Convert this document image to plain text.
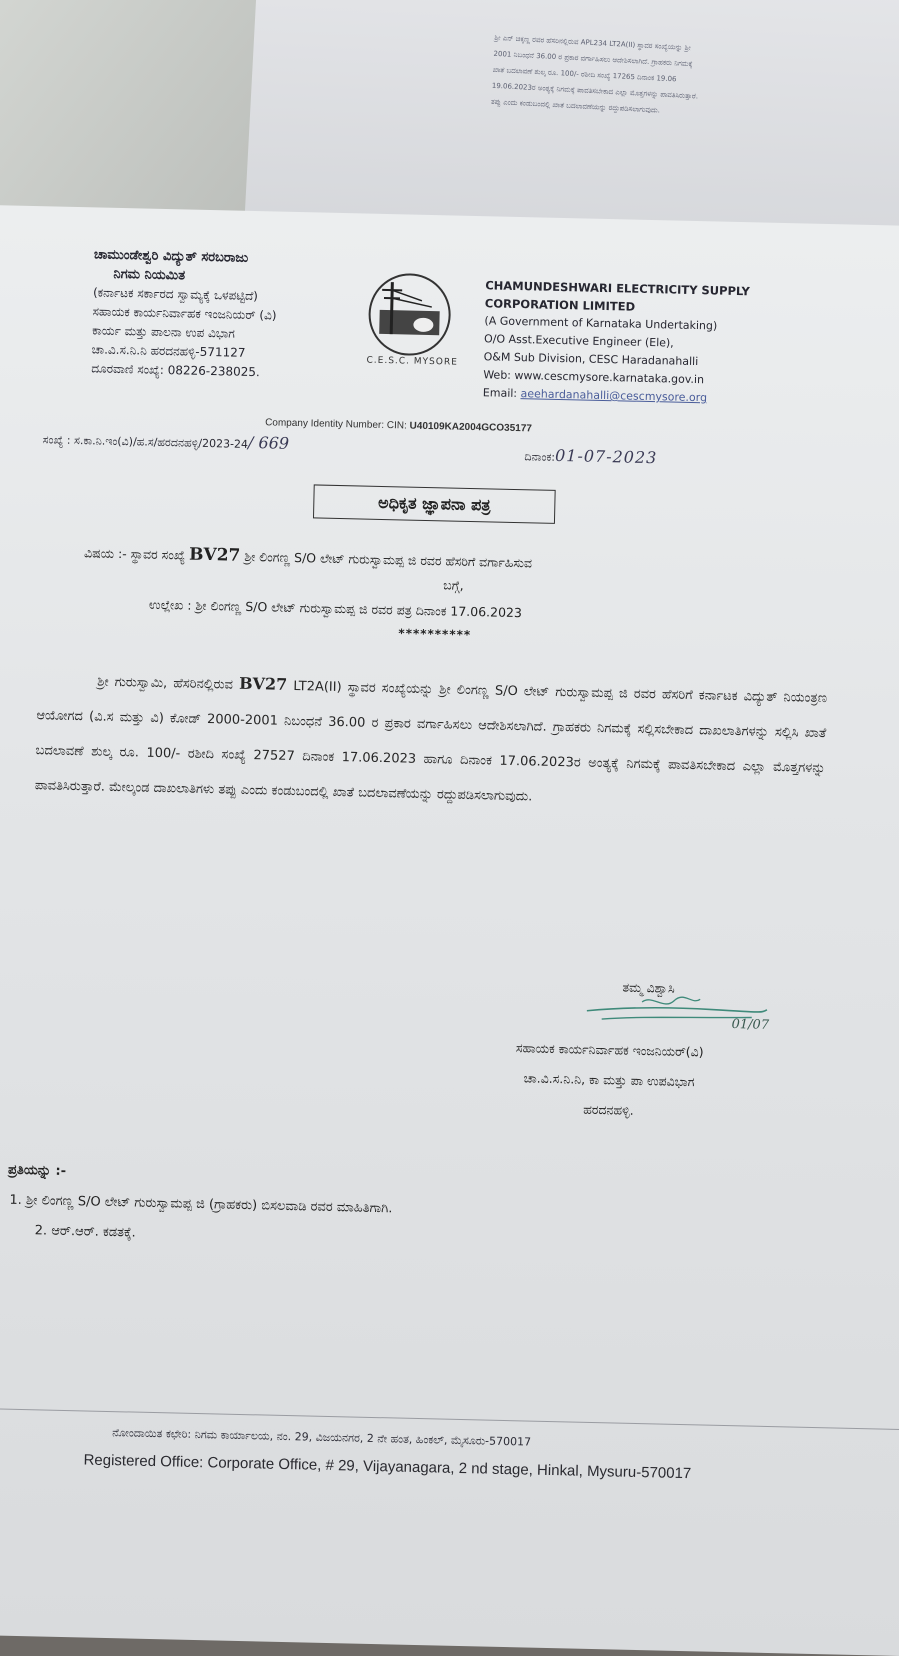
ಶ್ರೀ ಎನ್ ಚಿಕ್ಕಣ್ಣ ರವರ ಹೆಸರಿನಲ್ಲಿರುವ APL234 LT2A(II) ಸ್ಥಾವರ ಸಂಖ್ಯೆಯನ್ನು ಶ್ರೀ
2001 ನಿಬಂಧನೆ 36.00 ರ ಪ್ರಕಾರ ವರ್ಗಾಹಿಸಲು ಆದೇಶಿಸಲಾಗಿದೆ. ಗ್ರಾಹಕರು ನಿಗಮಕ್ಕೆ
ಖಾತೆ ಬದಲಾವಣೆ ಶುಲ್ಕ ರೂ. 100/- ರಶೀದಿ ಸಂಖ್ಯೆ 17265 ದಿನಾಂಕ 19.06
19.06.2023ರ ಅಂತ್ಯಕ್ಕೆ ನಿಗಮಕ್ಕೆ ಪಾವತಿಸಬೇಕಾದ ಎಲ್ಲಾ ಮೊತ್ತಗಳನ್ನು ಪಾವತಿಸಿರುತ್ತಾರೆ.
ತಪ್ಪು ಎಂದು ಕಂಡುಬಂದಲ್ಲಿ ಖಾತೆ ಬದಲಾವಣೆಯನ್ನು ರದ್ದುಪಡಿಸಲಾಗುವುದು.
ಚಾಮುಂಡೇಶ್ವರಿ ವಿದ್ಯುತ್ ಸರಬರಾಜು
ನಿಗಮ ನಿಯಮಿತ
(ಕರ್ನಾಟಕ ಸರ್ಕಾರದ ಸ್ವಾಮ್ಯಕ್ಕೆ ಒಳಪಟ್ಟಿದೆ)
ಸಹಾಯಕ ಕಾರ್ಯನಿರ್ವಾಹಕ ಇಂಜನಿಯರ್ (ವಿ)
ಕಾರ್ಯ ಮತ್ತು ಪಾಲನಾ ಉಪ ವಿಭಾಗ
ಚಾ.ವಿ.ಸ.ನಿ.ನಿ ಹರದನಹಳ್ಳಿ-571127
ದೂರವಾಣಿ ಸಂಖ್ಯೆ: 08226-238025.	C.E.S.C. MYSORE
CHAMUNDESHWARI ELECTRICITY SUPPLY
CORPORATION LIMITED
(A Government of Karnataka Undertaking)
O/O Asst.Executive Engineer (Ele),
O&M Sub Division, CESC Haradanahalli
Web: www.cescmysore.karnataka.gov.in
Email: aeehardanahalli@cescmysore.org
Company Identity Number: CIN: U40109KA2004GCO35177
ಸಂಖ್ಯೆ : ಸ.ಕಾ.ನಿ.ಇಂ(ವಿ)/ಹ.ಸ/ಹರದನಹಳ್ಳಿ/2023-24/ 669
ದಿನಾಂಕ:01-07-2023
ಅಧಿಕೃತ ಜ್ಞಾಪನಾ ಪತ್ರ
ವಿಷಯ :- ಸ್ಥಾವರ ಸಂಖ್ಯೆ BV27 ಶ್ರೀ ಲಿಂಗಣ್ಣ S/O ಲೇಟ್ ಗುರುಸ್ವಾಮಪ್ಪ ಜಿ ರವರ ಹೆಸರಿಗೆ ವರ್ಗಾಹಿಸುವ
ಬಗ್ಗೆ,
ಉಲ್ಲೇಖ : ಶ್ರೀ ಲಿಂಗಣ್ಣ S/O ಲೇಟ್ ಗುರುಸ್ವಾಮಪ್ಪ ಜಿ ರವರ ಪತ್ರ ದಿನಾಂಕ 17.06.2023
**********
ಶ್ರೀ ಗುರುಸ್ವಾಮಿ, ಹೆಸರಿನಲ್ಲಿರುವ BV27 LT2A(II) ಸ್ಥಾವರ ಸಂಖ್ಯೆಯನ್ನು ಶ್ರೀ ಲಿಂಗಣ್ಣ S/O ಲೇಟ್ ಗುರುಸ್ವಾಮಪ್ಪ ಜಿ ರವರ ಹೆಸರಿಗೆ ಕರ್ನಾಟಕ ವಿದ್ಯುತ್ ನಿಯಂತ್ರಣ ಆಯೋಗದ (ವಿ.ಸ ಮತ್ತು ವಿ) ಕೋಡ್ 2000-2001 ನಿಬಂಧನೆ 36.00 ರ ಪ್ರಕಾರ ವರ್ಗಾಹಿಸಲು ಆದೇಶಿಸಲಾಗಿದೆ. ಗ್ರಾಹಕರು ನಿಗಮಕ್ಕೆ ಸಲ್ಲಿಸಬೇಕಾದ ದಾಖಲಾತಿಗಳನ್ನು ಸಲ್ಲಿಸಿ ಖಾತೆ ಬದಲಾವಣೆ ಶುಲ್ಕ ರೂ. 100/- ರಶೀದಿ ಸಂಖ್ಯೆ 27527 ದಿನಾಂಕ 17.06.2023 ಹಾಗೂ ದಿನಾಂಕ 17.06.2023ರ ಅಂತ್ಯಕ್ಕೆ ನಿಗಮಕ್ಕೆ ಪಾವತಿಸಬೇಕಾದ ಎಲ್ಲಾ ಮೊತ್ತಗಳನ್ನು ಪಾವತಿಸಿರುತ್ತಾರೆ. ಮೇಲ್ಕಂಡ ದಾಖಲಾತಿಗಳು ತಪ್ಪು ಎಂದು ಕಂಡುಬಂದಲ್ಲಿ ಖಾತೆ ಬದಲಾವಣೆಯನ್ನು ರದ್ದುಪಡಿಸಲಾಗುವುದು.
ತಮ್ಮ ವಿಶ್ವಾಸಿ
01/07
ಸಹಾಯಕ ಕಾರ್ಯನಿರ್ವಾಹಕ ಇಂಜನಿಯರ್(ವಿ)
ಚಾ.ವಿ.ಸ.ನಿ.ನಿ, ಕಾ ಮತ್ತು ಪಾ ಉಪವಿಭಾಗ
ಹರದನಹಳ್ಳಿ.
ಪ್ರತಿಯನ್ನು :-
1. ಶ್ರೀ ಲಿಂಗಣ್ಣ S/O ಲೇಟ್ ಗುರುಸ್ವಾಮಪ್ಪ ಜಿ (ಗ್ರಾಹಕರು) ಬಿಸಲವಾಡಿ ರವರ ಮಾಹಿತಿಗಾಗಿ.
2. ಆರ್.ಆರ್. ಕಡತಕ್ಕೆ.
ನೋಂದಾಯಿತ ಕಛೇರಿ: ನಿಗಮ ಕಾರ್ಯಾಲಯ, ನಂ. 29, ವಿಜಯನಗರ, 2 ನೇ ಹಂತ, ಹಿಂಕಲ್, ಮೈಸೂರು-570017
Registered Office: Corporate Office, # 29, Vijayanagara, 2 nd stage, Hinkal, Mysuru-570017
